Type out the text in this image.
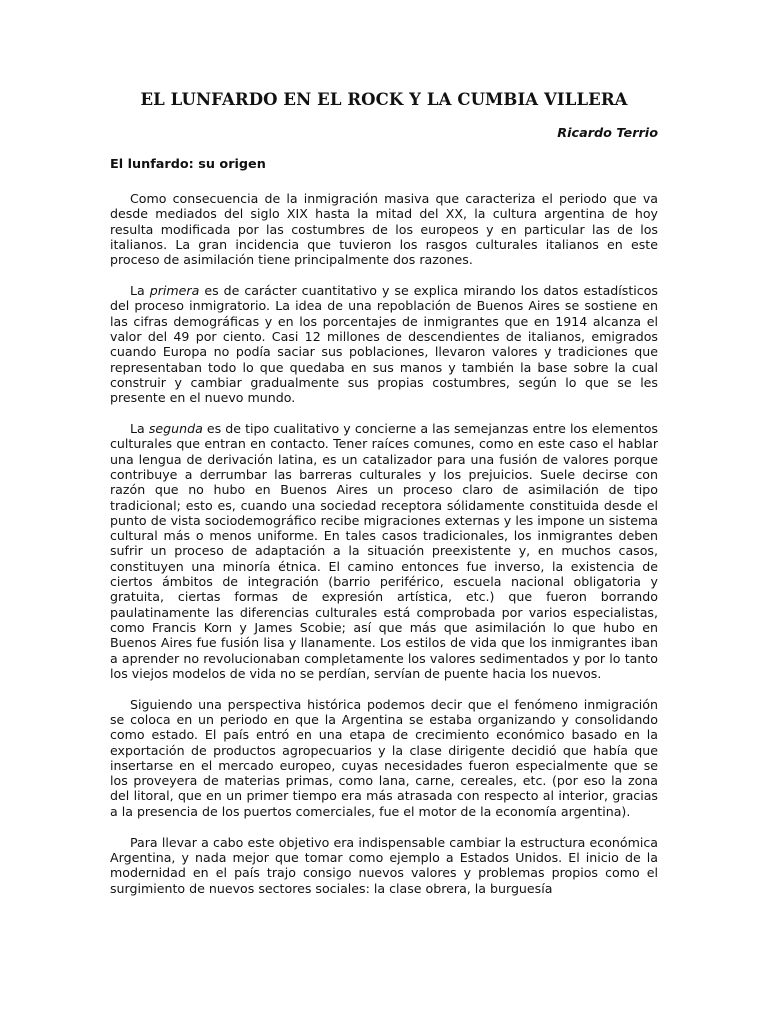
EL LUNFARDO EN EL ROCK Y LA CUMBIA VILLERA

Ricardo Terrio

El lunfardo: su origen

Como consecuencia de la inmigración masiva que caracteriza el periodo que va desde mediados del siglo XIX hasta la mitad del XX, la cultura argentina de hoy resulta modificada por las costumbres de los europeos y en particular las de los italianos. La gran incidencia que tuvieron los rasgos culturales italianos en este proceso de asimilación tiene principalmente dos razones.

La primera es de carácter cuantitativo y se explica mirando los datos estadísticos del proceso inmigratorio. La idea de una repoblación de Buenos Aires se sostiene en las cifras demográficas y en los porcentajes de inmigrantes que en 1914 alcanza el valor del 49 por ciento. Casi 12 millones de descendientes de italianos, emigrados cuando Europa no podía saciar sus poblaciones, llevaron valores y tradiciones que representaban todo lo que quedaba en sus manos y también la base sobre la cual construir y cambiar gradualmente sus propias costumbres, según lo que se les presente en el nuevo mundo.

La segunda es de tipo cualitativo y concierne a las semejanzas entre los elementos culturales que entran en contacto. Tener raíces comunes, como en este caso el hablar una lengua de derivación latina, es un catalizador para una fusión de valores porque contribuye a derrumbar las barreras culturales y los prejuicios. Suele decirse con razón que no hubo en Buenos Aires un proceso claro de asimilación de tipo tradicional; esto es, cuando una sociedad receptora sólidamente constituida desde el punto de vista sociodemográfico recibe migraciones externas y les impone un sistema cultural más o menos uniforme. En tales casos tradicionales, los inmigrantes deben sufrir un proceso de adaptación a la situación preexistente y, en muchos casos, constituyen una minoría étnica. El camino entonces fue inverso, la existencia de ciertos ámbitos de integración (barrio periférico, escuela nacional obligatoria y gratuita, ciertas formas de expresión artística, etc.) que fueron borrando paulatinamente las diferencias culturales está comprobada por varios especialistas, como Francis Korn y James Scobie; así que más que asimilación lo que hubo en Buenos Aires fue fusión lisa y llanamente. Los estilos de vida que los inmigrantes iban a aprender no revolucionaban completamente los valores sedimentados y por lo tanto los viejos modelos de vida no se perdían, servían de puente hacia los nuevos.

Siguiendo una perspectiva histórica podemos decir que el fenómeno inmigración se coloca en un periodo en que la Argentina se estaba organizando y consolidando como estado. El país entró en una etapa de crecimiento económico basado en la exportación de productos agropecuarios y la clase dirigente decidió que había que insertarse en el mercado europeo, cuyas necesidades fueron especialmente que se los proveyera de materias primas, como lana, carne, cereales, etc. (por eso la zona del litoral, que en un primer tiempo era más atrasada con respecto al interior, gracias a la presencia de los puertos comerciales, fue el motor de la economía argentina).

Para llevar a cabo este objetivo era indispensable cambiar la estructura económica Argentina, y nada mejor que tomar como ejemplo a Estados Unidos. El inicio de la modernidad en el país trajo consigo nuevos valores y problemas propios como el surgimiento de nuevos sectores sociales: la clase obrera, la burguesía
